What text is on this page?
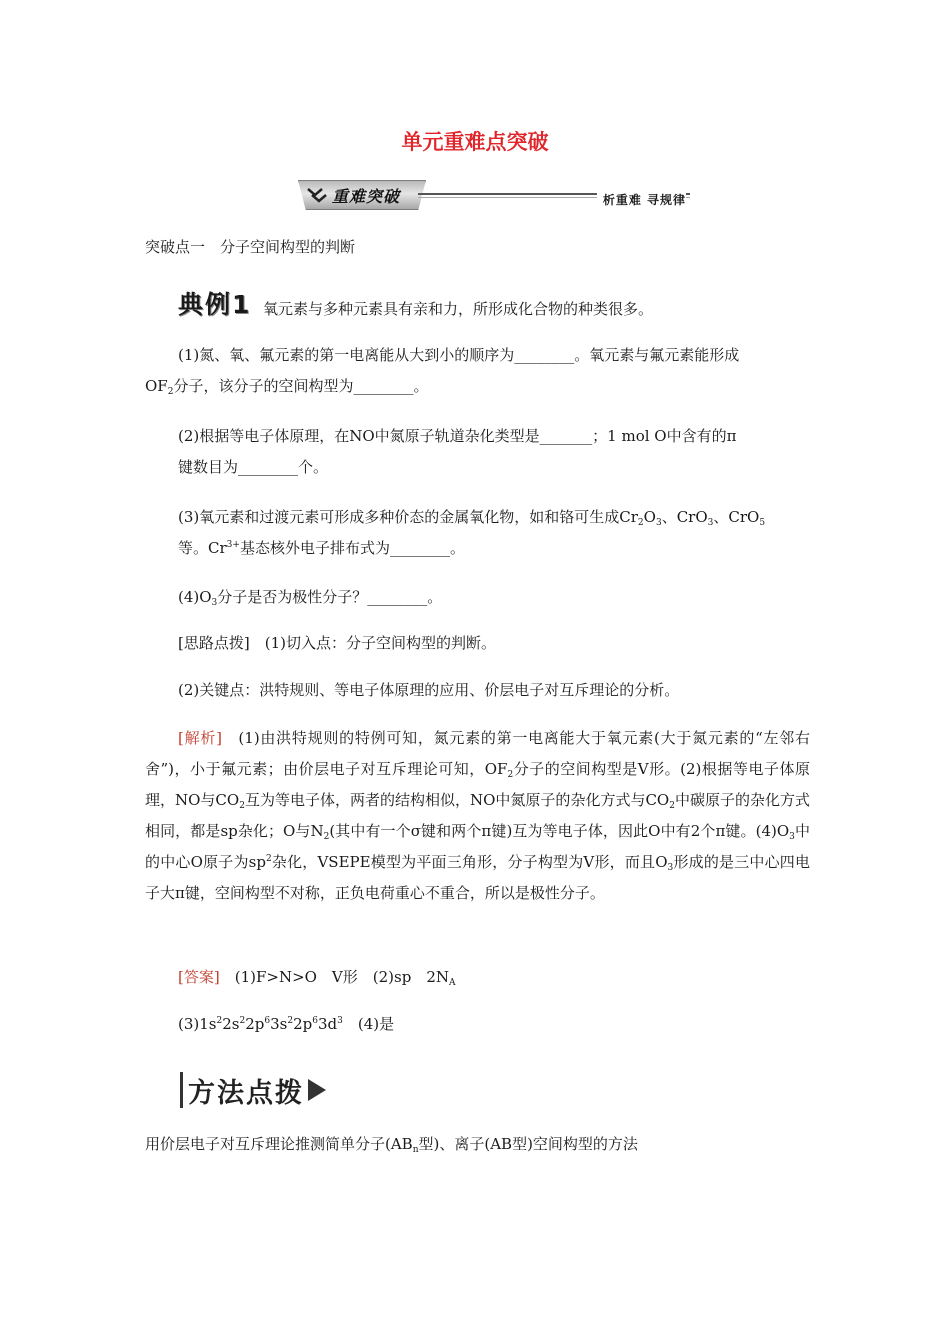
单元重难点突破
重难突破	析重难 寻规律
突破点一　分子空间构型的判断
典例1 氧元素与多种元素具有亲和力，所形成化合物的种类很多。
(1)氮、氧、氟元素的第一电离能从大到小的顺序为________。氧元素与氟元素能形成
$OF_2$分子，该分子的空间构型为________。
(2)根据等电子体原理，在NO中氮原子轨道杂化类型是_______；1 mol O中含有的π
键数目为________个。
(3)氧元素和过渡元素可形成多种价态的金属氧化物，如和铬可生成$Cr_2O_3$、CrO$_3$、CrO$_5$
等。$Cr^{3+}$基态核外电子排布式为________。
$(4)O_3$分子是否为极性分子？________。
[思路点拨]　(1)切入点：分子空间构型的判断。
(2)关键点：洪特规则、等电子体原理的应用、价层电子对互斥理论的分析。
[解析]　(1)由洪特规则的特例可知，氮元素的第一电离能大于氧元素(大于氮元素的“左邻右舍”)，小于氟元素；由价层电子对互斥理论可知，$OF_2$分子的空间构型是V形。(2)根据等电子体原理，NO与$CO_2$互为等电子体，两者的结构相似，NO中氮原子的杂化方式与$CO_2$中碳原子的杂化方式相同，都是sp杂化；O与$N_2$(其中有一个σ键和两个π键)互为等电子体，因此O中有2个π键。$(4)O_3$中的中心O原子为$sp^2$杂化，VSEPE模型为平面三角形，分子构型为V形，而且$O_3$形成的是三中心四电子大π键，空间构型不对称，正负电荷重心不重合，所以是极性分子。
[答案]　(1)F>N>O　V形　(2)sp　$2N_A$
$(3)1s^22s^22p^63s^22p^63d^3$　(4)是
方法点拨
用价层电子对互斥理论推测简单分子($AB_n$型)、离子(AB型)空间构型的方法
